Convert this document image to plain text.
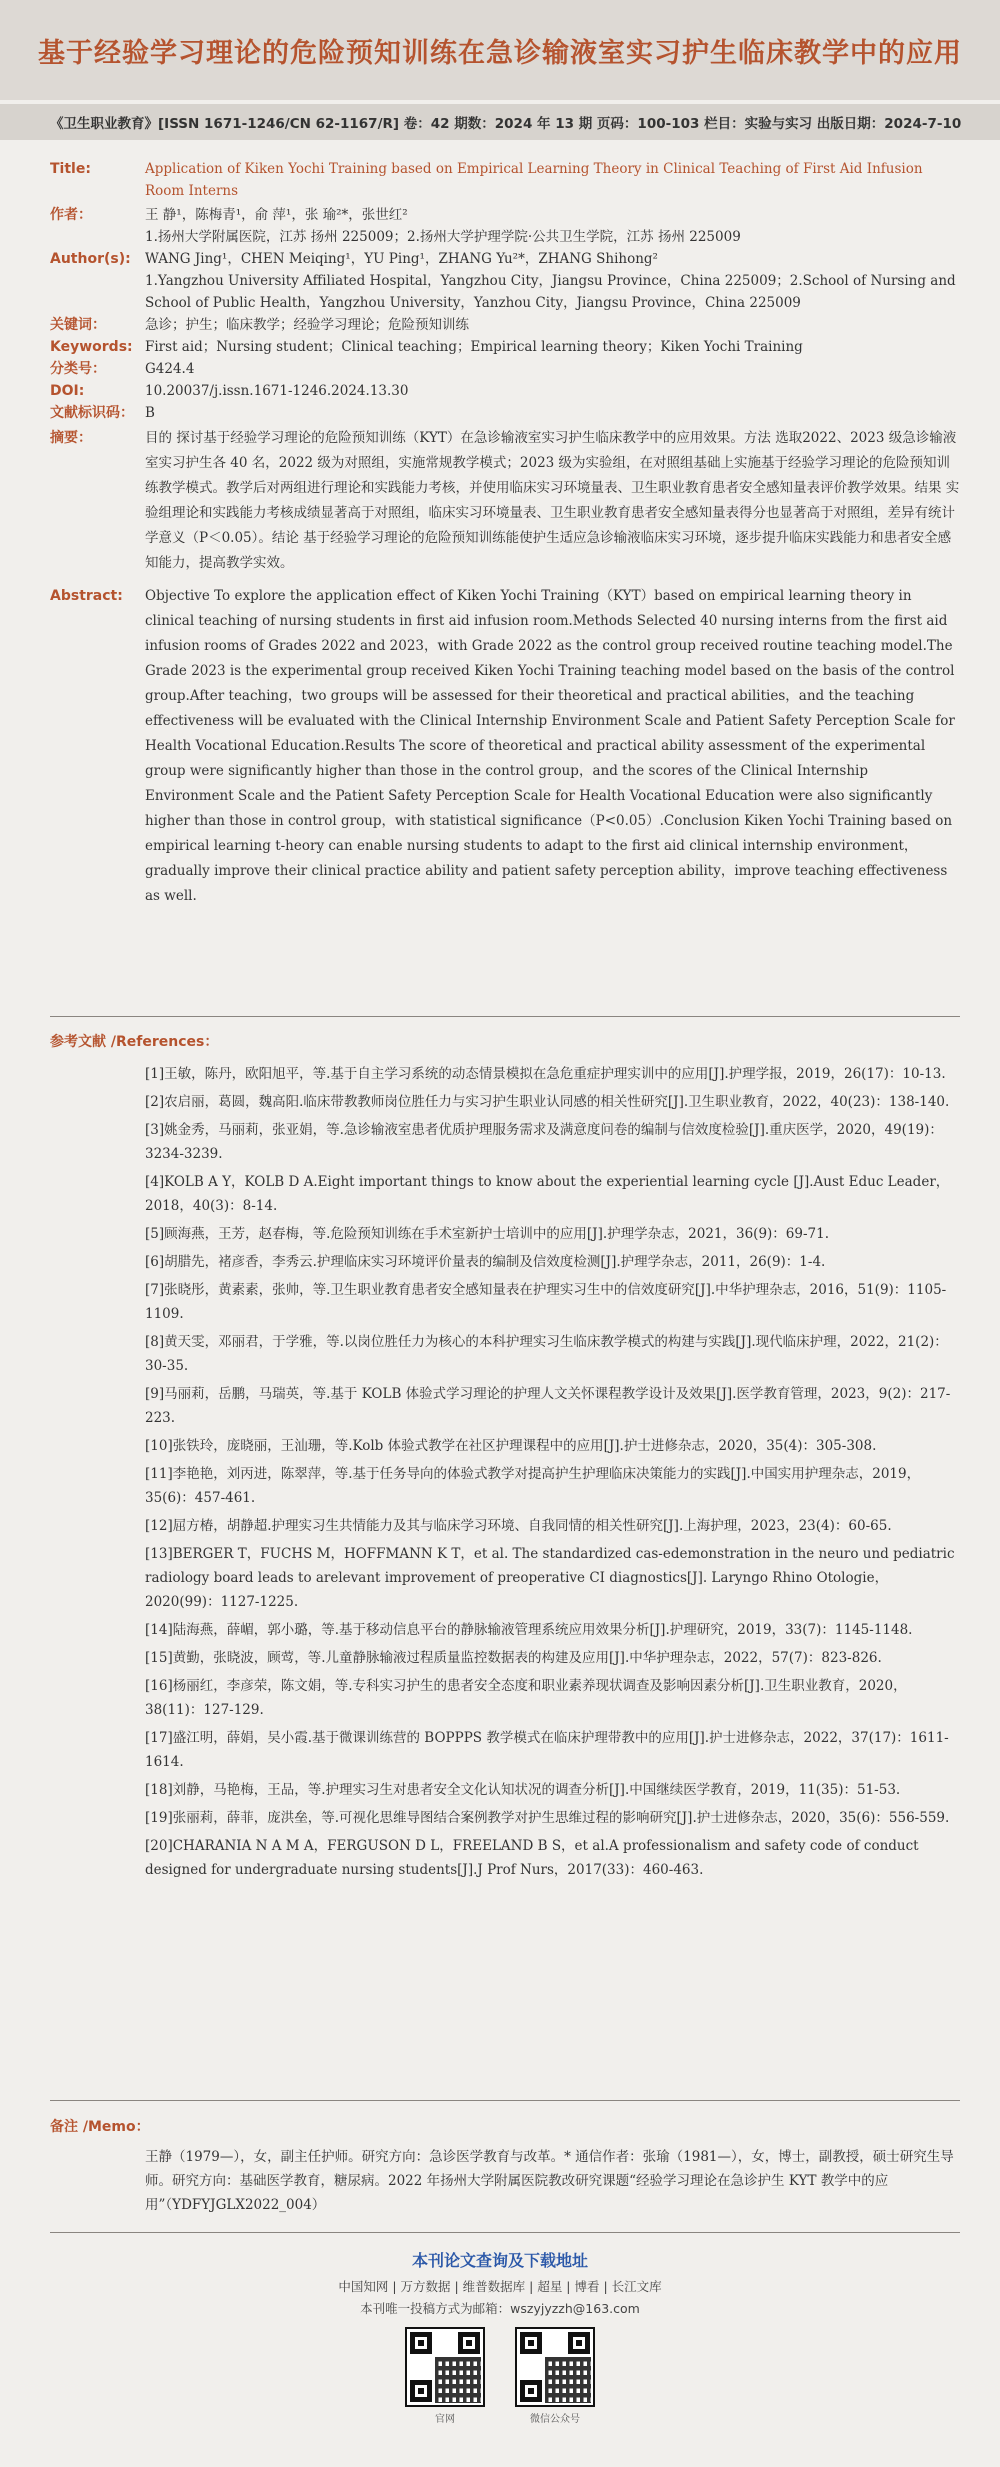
基于经验学习理论的危险预知训练在急诊输液室实习护生临床教学中的应用
《卫生职业教育》[ISSN 1671-1246/CN 62-1167/R] 卷：42 期数：2024 年 13 期 页码：100-103 栏目：实验与实习 出版日期：2024-7-10
Title:	Application of Kiken Yochi Training based on Empirical Learning Theory in Clinical Teaching of First Aid Infusion Room Interns
作者：	王 静¹，陈梅青¹，俞 萍¹，张 瑜²*，张世红²
1.扬州大学附属医院，江苏 扬州 225009；2.扬州大学护理学院·公共卫生学院，江苏 扬州 225009
Author(s):	WANG Jing¹，CHEN Meiqing¹，YU Ping¹，ZHANG Yu²*，ZHANG Shihong²
1.Yangzhou University Affiliated Hospital，Yangzhou City，Jiangsu Province，China 225009；2.School of Nursing and School of Public Health，Yangzhou University，Yanzhou City，Jiangsu Province，China 225009
关键词：	急诊；护生；临床教学；经验学习理论；危险预知训练
Keywords: First aid；Nursing student；Clinical teaching；Empirical learning theory；Kiken Yochi Training
分类号：	G424.4
DOI:	10.20037/j.issn.1671-1246.2024.13.30
文献标识码： B
摘要：	目的 探讨基于经验学习理论的危险预知训练（KYT）在急诊输液室实习护生临床教学中的应用效果。方法 选取2022、2023 级急诊输液室实习护生各 40 名，2022 级为对照组，实施常规教学模式；2023 级为实验组，在对照组基础上实施基于经验学习理论的危险预知训练教学模式。教学后对两组进行理论和实践能力考核，并使用临床实习环境量表、卫生职业教育患者安全感知量表评价教学效果。结果 实验组理论和实践能力考核成绩显著高于对照组，临床实习环境量表、卫生职业教育患者安全感知量表得分也显著高于对照组，差异有统计学意义（P＜0.05）。结论 基于经验学习理论的危险预知训练能使护生适应急诊输液临床实习环境，逐步提升临床实践能力和患者安全感知能力，提高教学实效。
Abstract:	Objective To explore the application effect of Kiken Yochi Training（KYT）based on empirical learning theory in clinical teaching of nursing students in first aid infusion room.Methods Selected 40 nursing interns from the first aid infusion rooms of Grades 2022 and 2023，with Grade 2022 as the control group received routine teaching model.The Grade 2023 is the experimental group received Kiken Yochi Training teaching model based on the basis of the control group.After teaching，two groups will be assessed for their theoretical and practical abilities，and the teaching effectiveness will be evaluated with the Clinical Internship Environment Scale and Patient Safety Perception Scale for Health Vocational Education.Results The score of theoretical and practical ability assessment of the experimental group were significantly higher than those in the control group，and the scores of the Clinical Internship Environment Scale and the Patient Safety Perception Scale for Health Vocational Education were also significantly higher than those in control group，with statistical significance（P<0.05）.Conclusion Kiken Yochi Training based on empirical learning t-heory can enable nursing students to adapt to the first aid clinical internship environment，gradually improve their clinical practice ability and patient safety perception ability，improve teaching effectiveness as well.
参考文献 /References：
[1]王敏，陈丹，欧阳旭平，等.基于自主学习系统的动态情景模拟在急危重症护理实训中的应用[J].护理学报，2019，26(17)：10-13.
[2]农启丽，葛圆，魏高阳.临床带教教师岗位胜任力与实习护生职业认同感的相关性研究[J].卫生职业教育，2022，40(23)：138-140.
[3]姚金秀，马丽莉，张亚娟，等.急诊输液室患者优质护理服务需求及满意度问卷的编制与信效度检验[J].重庆医学，2020，49(19)：3234-3239.
[4]KOLB A Y，KOLB D A.Eight important things to know about the experiential learning cycle [J].Aust Educ Leader，2018，40(3)：8-14.
[5]顾海燕，王芳，赵春梅，等.危险预知训练在手术室新护士培训中的应用[J].护理学杂志，2021，36(9)：69-71.
[6]胡腊先，褚彦香，李秀云.护理临床实习环境评价量表的编制及信效度检测[J].护理学杂志，2011，26(9)：1-4.
[7]张晓彤，黄素素，张帅，等.卫生职业教育患者安全感知量表在护理实习生中的信效度研究[J].中华护理杂志，2016，51(9)：1105-1109.
[8]黄天雯，邓丽君，于学雅，等.以岗位胜任力为核心的本科护理实习生临床教学模式的构建与实践[J].现代临床护理，2022，21(2)：30-35.
[9]马丽莉，岳鹏，马瑞英，等.基于 KOLB 体验式学习理论的护理人文关怀课程教学设计及效果[J].医学教育管理，2023，9(2)：217-223.
[10]张铁玲，庞晓丽，王汕珊，等.Kolb 体验式教学在社区护理课程中的应用[J].护士进修杂志，2020，35(4)：305-308.
[11]李艳艳，刘丙进，陈翠萍，等.基于任务导向的体验式教学对提高护生护理临床决策能力的实践[J].中国实用护理杂志，2019，35(6)：457-461.
[12]屈方椿，胡静超.护理实习生共情能力及其与临床学习环境、自我同情的相关性研究[J].上海护理，2023，23(4)：60-65.
[13]BERGER T，FUCHS M，HOFFMANN K T，et al. The standardized cas-edemonstration in the neuro und pediatric radiology board leads to arelevant improvement of preoperative CI diagnostics[J]. Laryngo Rhino Otologie，2020(99)：1127-1225.
[14]陆海燕，薛嵋，郭小璐，等.基于移动信息平台的静脉输液管理系统应用效果分析[J].护理研究，2019，33(7)：1145-1148.
[15]黄勤，张晓波，顾莺，等.儿童静脉输液过程质量监控数据表的构建及应用[J].中华护理杂志，2022，57(7)：823-826.
[16]杨丽红，李彦荣，陈文娟，等.专科实习护生的患者安全态度和职业素养现状调查及影响因素分析[J].卫生职业教育，2020，38(11)：127-129.
[17]盛江明，薛娟，吴小霞.基于微课训练营的 BOPPPS 教学模式在临床护理带教中的应用[J].护士进修杂志，2022，37(17)：1611-1614.
[18]刘静，马艳梅，王品，等.护理实习生对患者安全文化认知状况的调查分析[J].中国继续医学教育，2019，11(35)：51-53.
[19]张丽莉，薛菲，庞洪垒，等.可视化思维导图结合案例教学对护生思维过程的影响研究[J].护士进修杂志，2020，35(6)：556-559.
[20]CHARANIA N A M A，FERGUSON D L，FREELAND B S，et al.A professionalism and safety code of conduct designed for undergraduate nursing students[J].J Prof Nurs，2017(33)：460-463.
备注 /Memo：
王静（1979—），女，副主任护师。研究方向：急诊医学教育与改革。* 通信作者：张瑜（1981—），女，博士，副教授，硕士研究生导师。研究方向：基础医学教育，糖尿病。2022 年扬州大学附属医院教改研究课题“经验学习理论在急诊护生 KYT 教学中的应用”（YDFYJGLX2022_004）
本刊论文查询及下载地址
中国知网 | 万方数据 | 维普数据库 | 超星 | 博看 | 长江文库
本刊唯一投稿方式为邮箱：wszyjyzzh@163.com
官网	微信公众号
